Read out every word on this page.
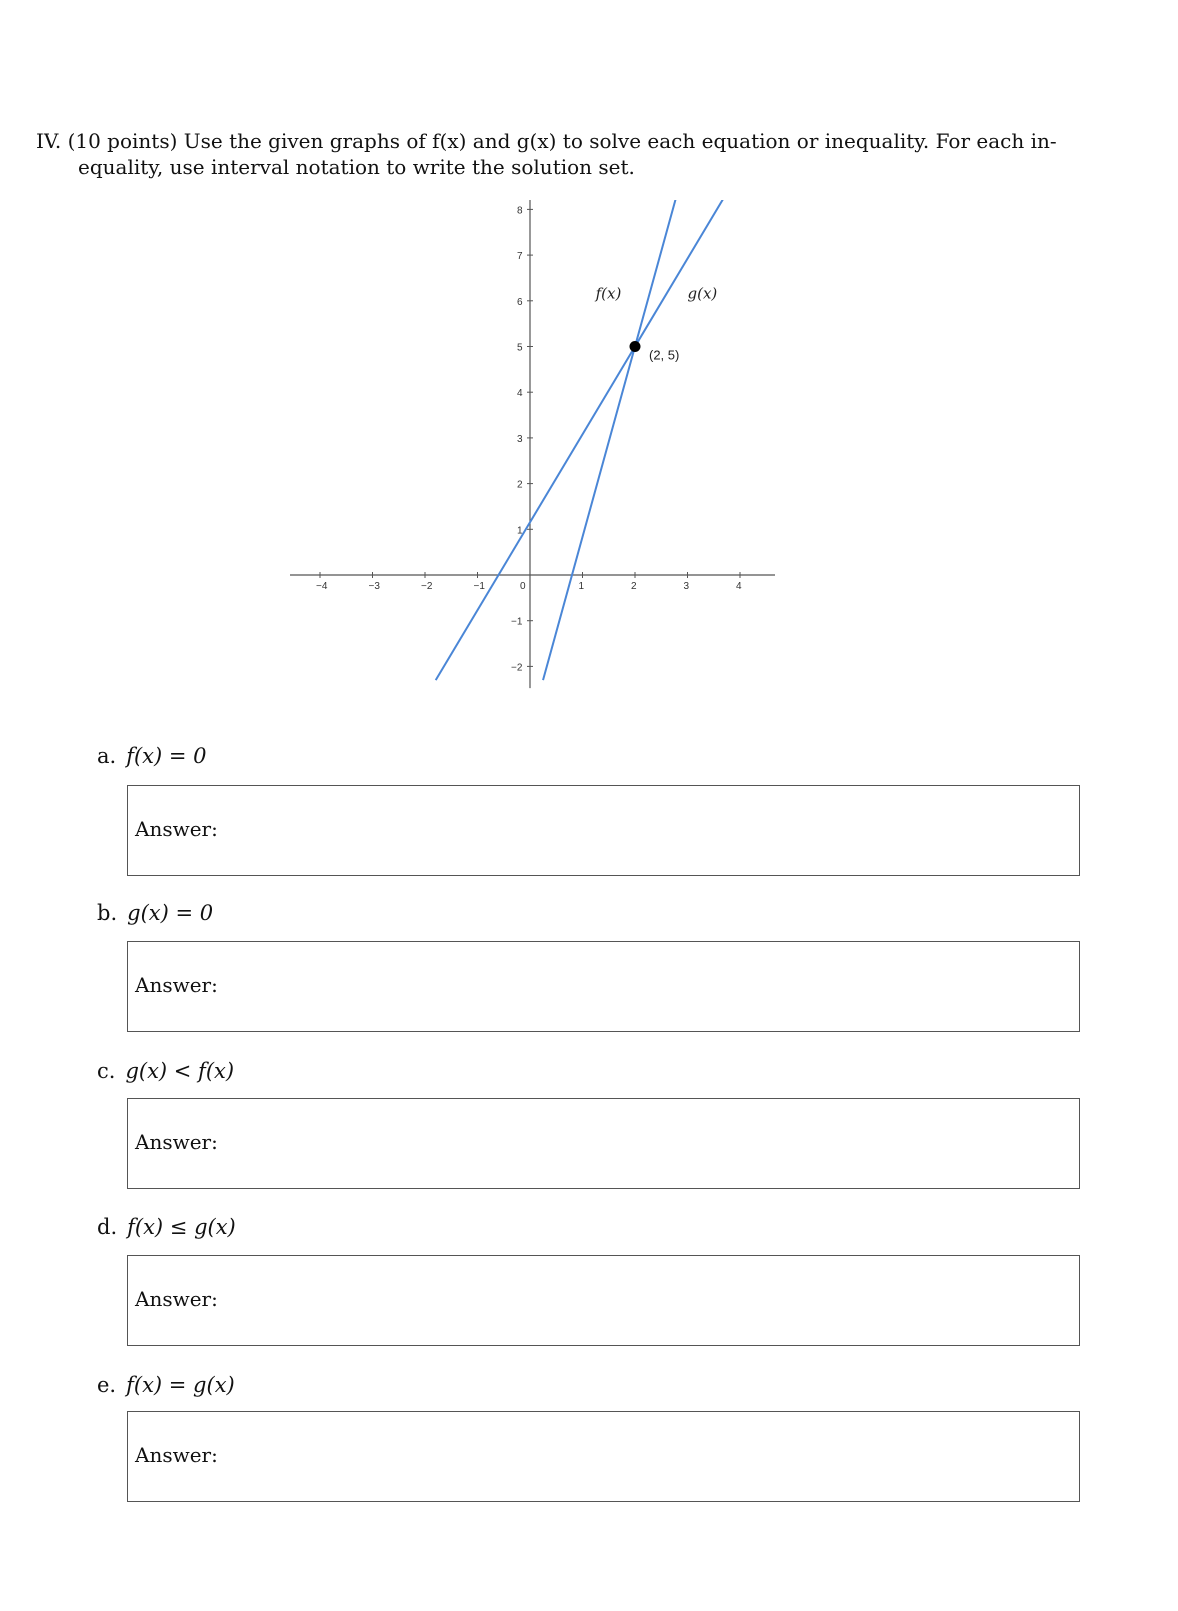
IV. (10 points) Use the given graphs of f(x) and g(x) to solve each equation or inequality. For each in-
equality, use interval notation to write the solution set.
−4	−3	−2	−1	0	1	2	3	4
8
7
6
5
4
3
2
1
−1
−2
(2, 5)
f(x)	g(x)
a. f(x) = 0
Answer:
b. g(x) = 0
Answer:
c. g(x) < f(x)
Answer:
d. f(x) ≤ g(x)
Answer:
e. f(x) = g(x)
Answer:
